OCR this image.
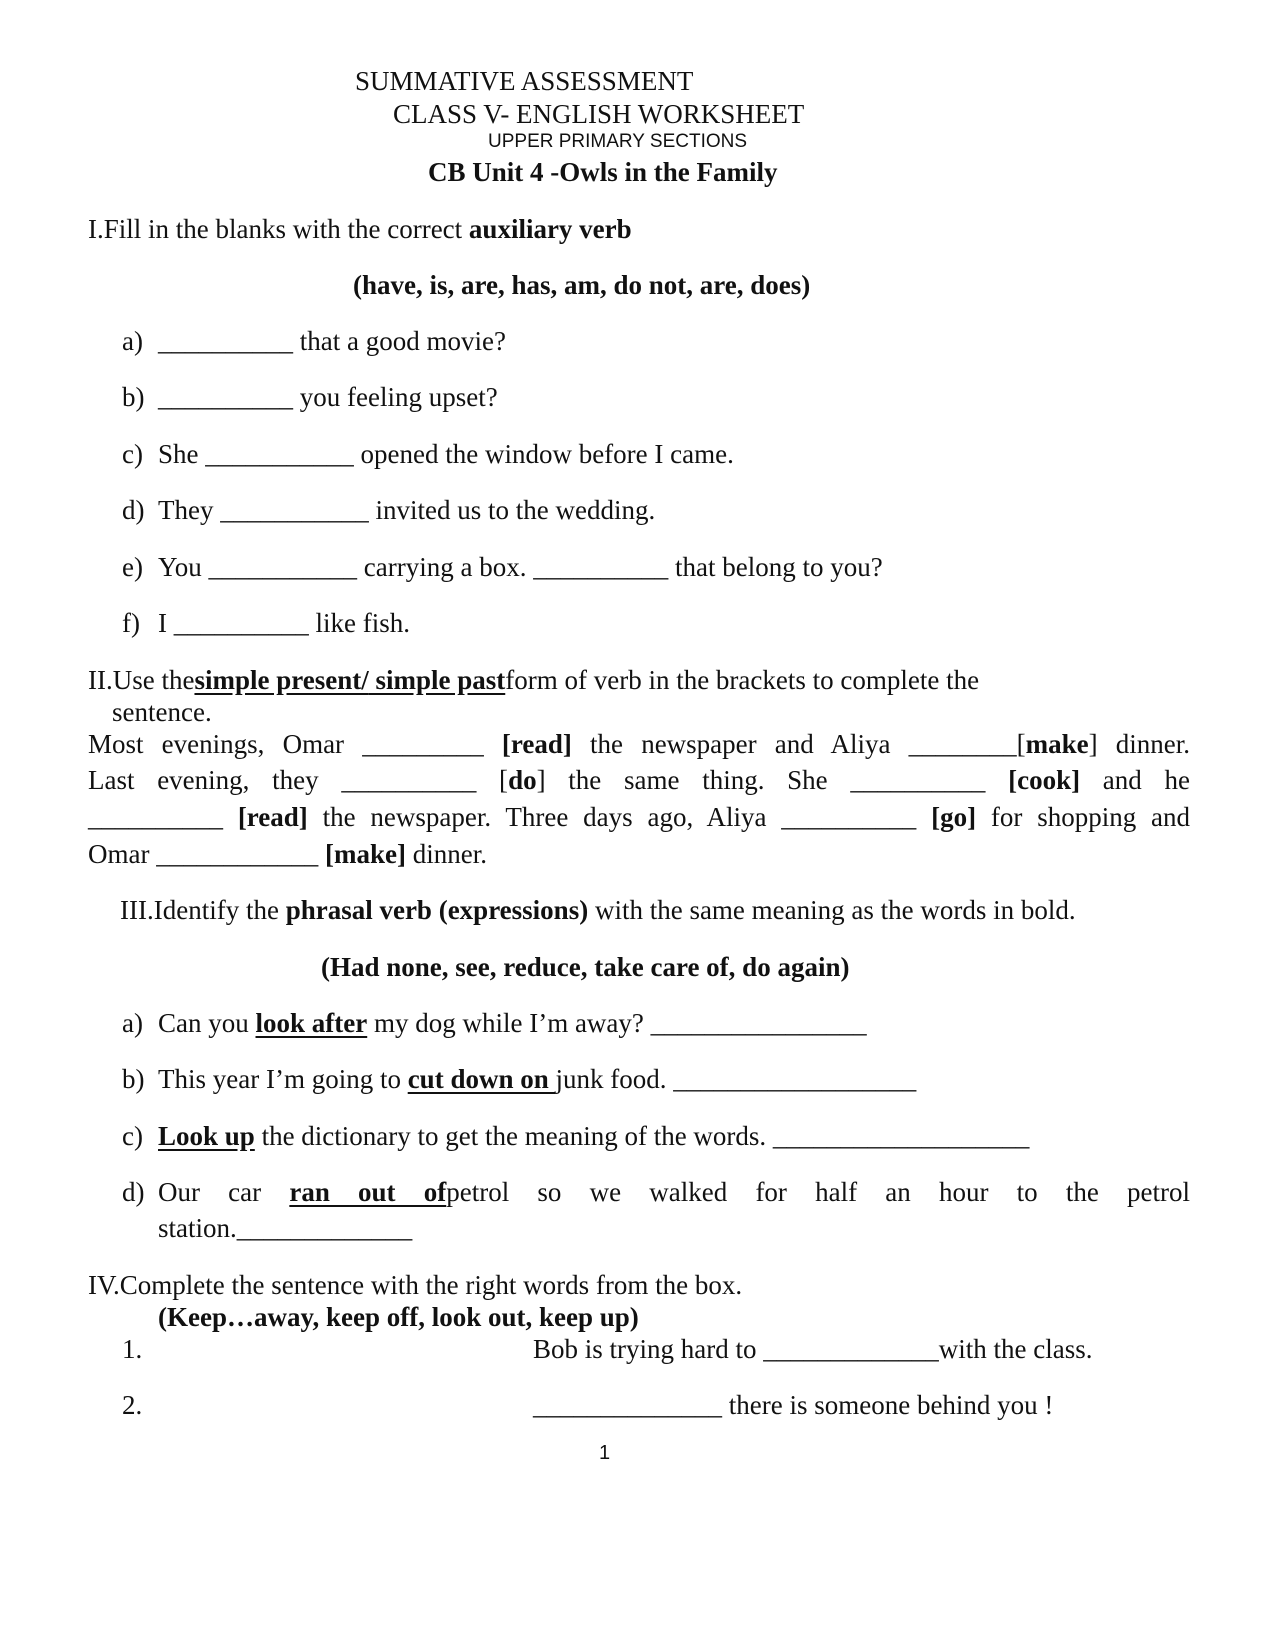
SUMMATIVE ASSESSMENT
CLASS V- ENGLISH WORKSHEET
UPPER PRIMARY SECTIONS
CB Unit 4 -Owls in the Family
I.Fill in the blanks with the correct auxiliary verb
(have, is, are, has, am, do not, are, does)
a) __________ that a good movie?
b) __________ you feeling upset?
c) She ___________ opened the window before I came.
d) They ___________ invited us to the wedding.
e) You ___________ carrying a box. __________ that belong to you?
f) I __________ like fish.
II.Use thesimple present/ simple pastform of verb in the brackets to complete the
sentence.
Most evenings, Omar _________ [read] the newspaper and Aliya ________[make] dinner.
Last evening, they __________ [do] the same thing. She __________ [cook] and he
__________ [read] the newspaper. Three days ago, Aliya __________ [go] for shopping and
Omar ____________ [make] dinner.
III.Identify the phrasal verb (expressions) with the same meaning as the words in bold.
(Had none, see, reduce, take care of, do again)
a) Can you look after my dog while I’m away? ________________
b) This year I’m going to cut down on junk food. __________________
c) Look up the dictionary to get the meaning of the words. ___________________
d) Our car ran out ofpetrol so we walked for half an hour to the petrol
station._____________
IV.Complete the sentence with the right words from the box.
(Keep…away, keep off, look out, keep up)
1.	Bob is trying hard to _____________with the class.
2.	______________ there is someone behind you !
1
